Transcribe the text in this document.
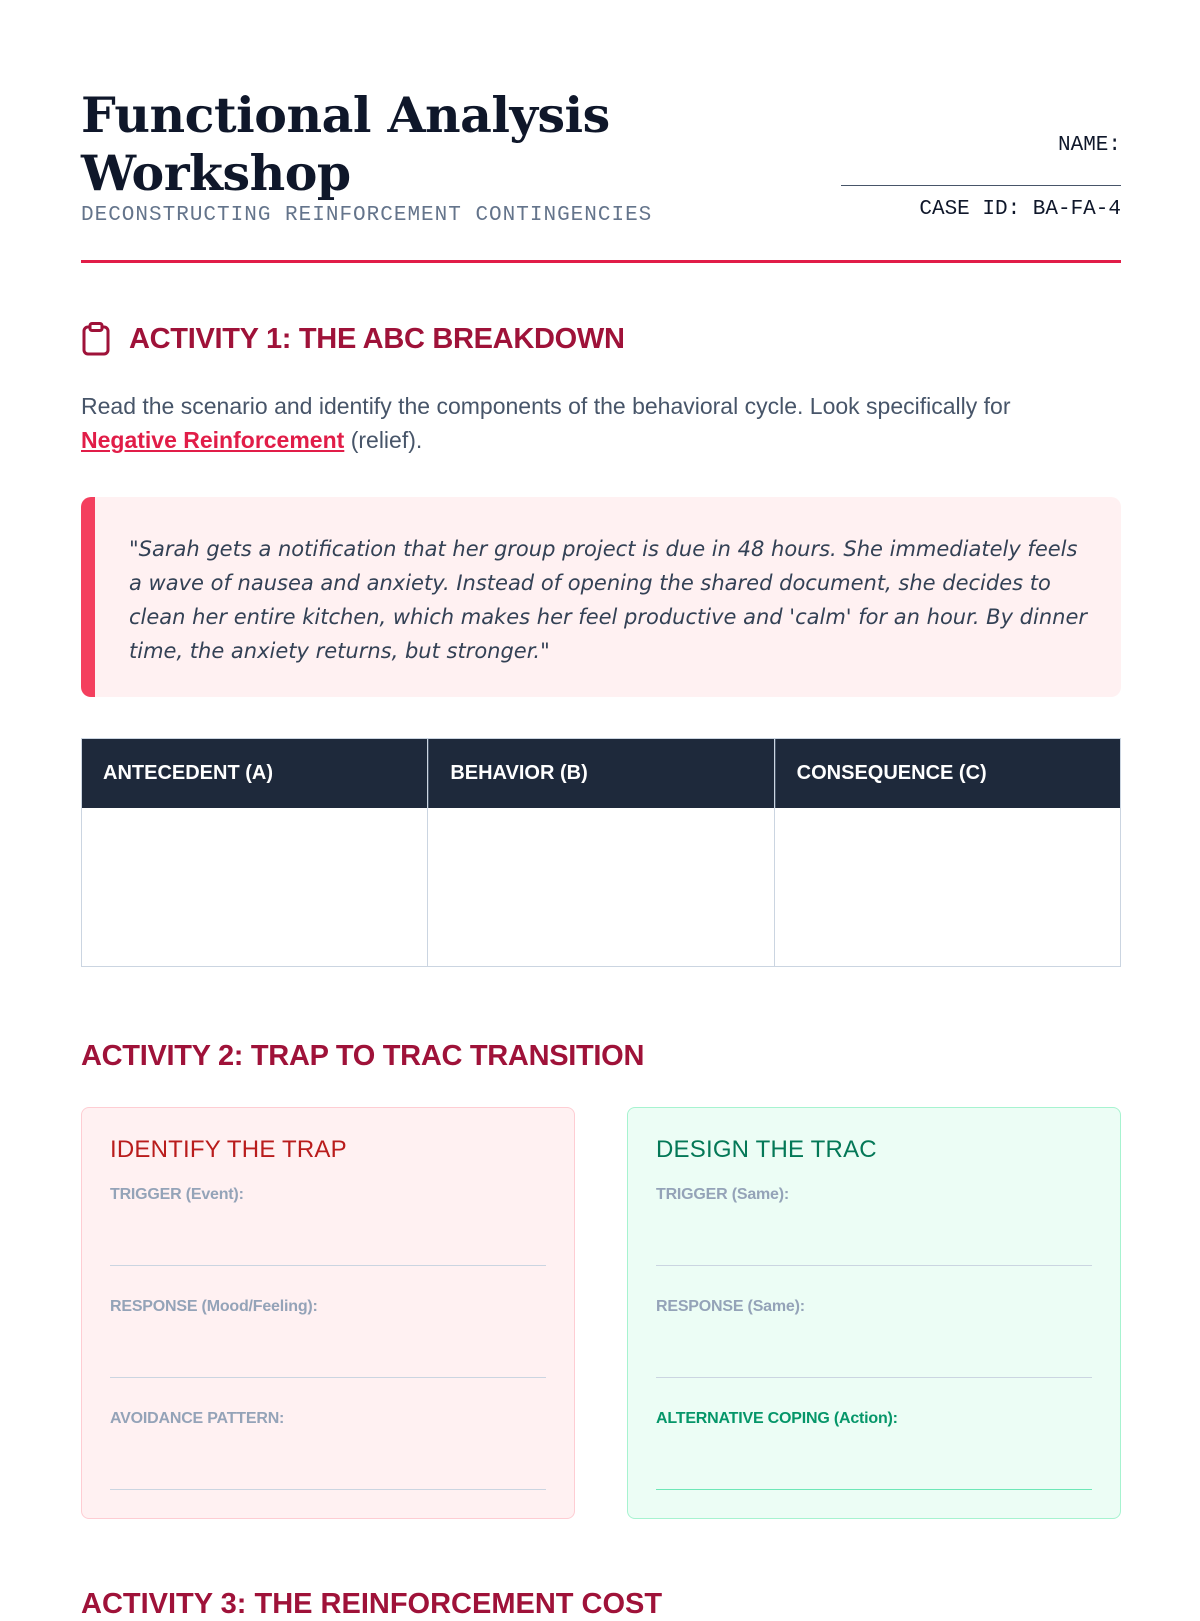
Functional Analysis
Workshop
DECONSTRUCTING REINFORCEMENT CONTINGENCIES
NAME:
CASE ID: BA-FA-4
ACTIVITY 1: THE ABC BREAKDOWN
Read the scenario and identify the components of the behavioral cycle. Look specifically for
Negative Reinforcement (relief).
"Sarah gets a notification that her group project is due in 48 hours. She immediately feels a wave of nausea and anxiety. Instead of opening the shared document, she decides to clean her entire kitchen, which makes her feel productive and 'calm' for an hour. By dinner time, the anxiety returns, but stronger."
ANTECEDENT (A)	BEHAVIOR (B)	CONSEQUENCE (C)
ACTIVITY 2: TRAP TO TRAC TRANSITION
IDENTIFY THE TRAP
TRIGGER (Event):
RESPONSE (Mood/Feeling):
AVOIDANCE PATTERN:
DESIGN THE TRAC
TRIGGER (Same):
RESPONSE (Same):
ALTERNATIVE COPING (Action):
ACTIVITY 3: THE REINFORCEMENT COST
